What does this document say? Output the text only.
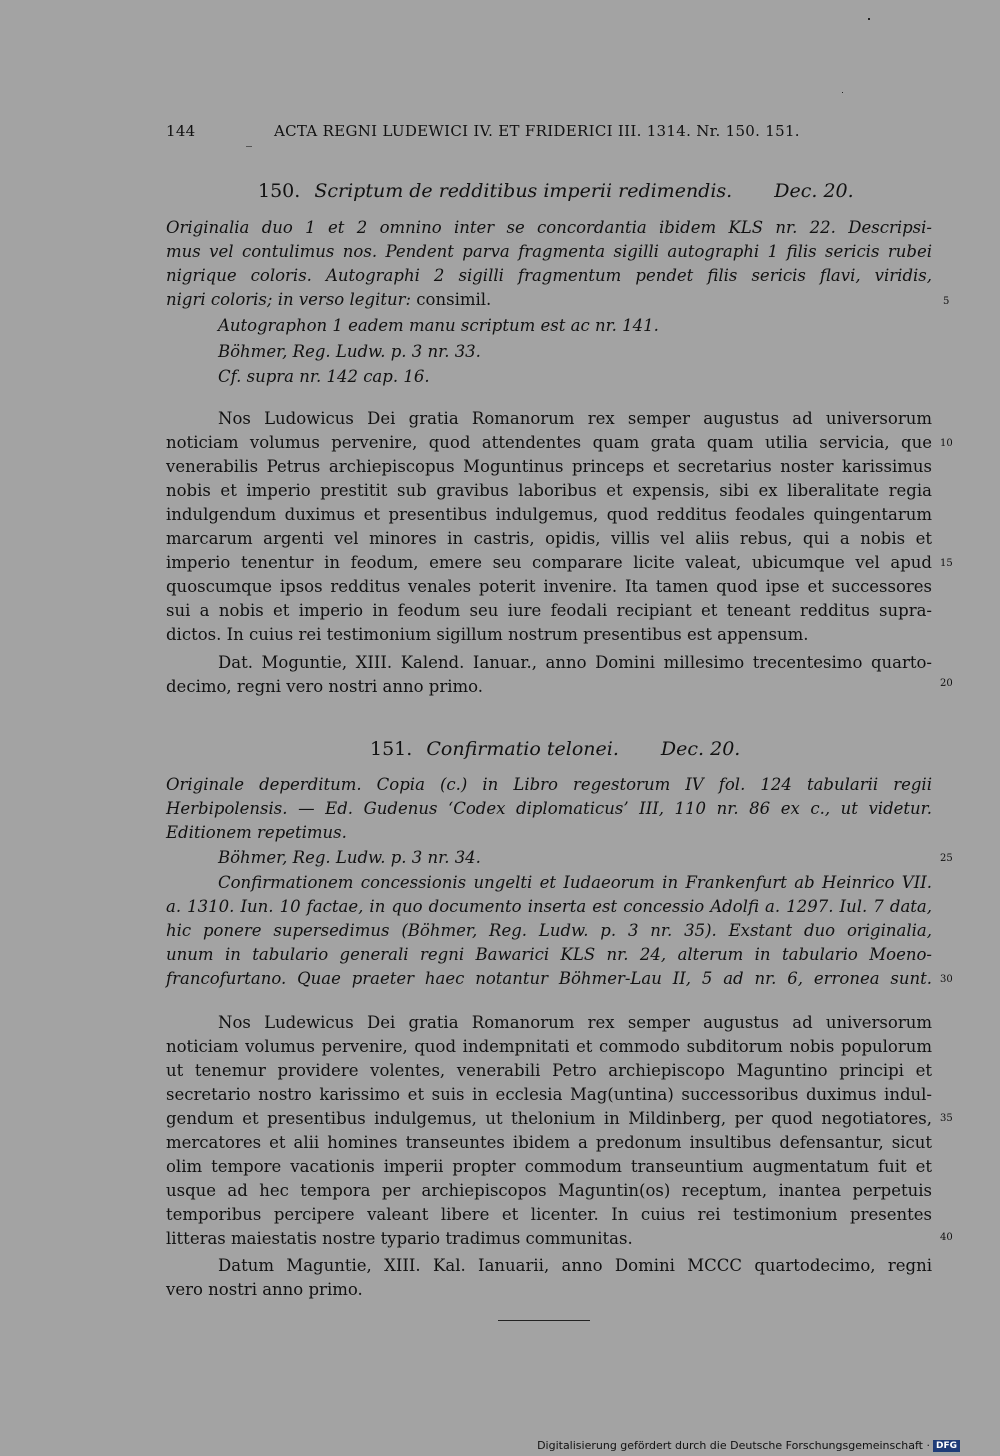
144	ACTA REGNI LUDEWICI IV. ET FRIDERICI III. 1314. Nr. 150. 151.
150. Scriptum de redditibus imperii redimendis. Dec. 20.
Originalia duo 1 et 2 omnino inter se concordantia ibidem KLS nr. 22. Descripsi-
mus vel contulimus nos. Pendent parva fragmenta sigilli autographi 1 filis sericis rubei
nigrique coloris. Autographi 2 sigilli fragmentum pendet filis sericis flavi, viridis,
nigri coloris; in verso legitur: consimil.
Autographon 1 eadem manu scriptum est ac nr. 141.
Böhmer, Reg. Ludw. p. 3 nr. 33.
Cf. supra nr. 142 cap. 16.
Nos Ludowicus Dei gratia Romanorum rex semper augustus ad universorum
noticiam volumus pervenire, quod attendentes quam grata quam utilia servicia, que
venerabilis Petrus archiepiscopus Moguntinus princeps et secretarius noster karissimus
nobis et imperio prestitit sub gravibus laboribus et expensis, sibi ex liberalitate regia
indulgendum duximus et presentibus indulgemus, quod redditus feodales quingentarum
marcarum argenti vel minores in castris, opidis, villis vel aliis rebus, qui a nobis et
imperio tenentur in feodum, emere seu comparare licite valeat, ubicumque vel apud
quoscumque ipsos redditus venales poterit invenire. Ita tamen quod ipse et successores
sui a nobis et imperio in feodum seu iure feodali recipiant et teneant redditus supra-
dictos. In cuius rei testimonium sigillum nostrum presentibus est appensum.
Dat. Moguntie, XIII. Kalend. Ianuar., anno Domini millesimo trecentesimo quarto-
decimo, regni vero nostri anno primo.
151. Confirmatio telonei. Dec. 20.
Originale deperditum. Copia (c.) in Libro regestorum IV fol. 124 tabularii regii
Herbipolensis. — Ed. Gudenus ‘Codex diplomaticus’ III, 110 nr. 86 ex c., ut videtur.
Editionem repetimus.
Böhmer, Reg. Ludw. p. 3 nr. 34.
Confirmationem concessionis ungelti et Iudaeorum in Frankenfurt ab Heinrico VII.
a. 1310. Iun. 10 factae, in quo documento inserta est concessio Adolfi a. 1297. Iul. 7 data,
hic ponere supersedimus (Böhmer, Reg. Ludw. p. 3 nr. 35). Exstant duo originalia,
unum in tabulario generali regni Bawarici KLS nr. 24, alterum in tabulario Moeno-
francofurtano. Quae praeter haec notantur Böhmer-Lau II, 5 ad nr. 6, erronea sunt.
Nos Ludewicus Dei gratia Romanorum rex semper augustus ad universorum
noticiam volumus pervenire, quod indempnitati et commodo subditorum nobis populorum
ut tenemur providere volentes, venerabili Petro archiepiscopo Maguntino principi et
secretario nostro karissimo et suis in ecclesia Mag(untina) successoribus duximus indul-
gendum et presentibus indulgemus, ut thelonium in Mildinberg, per quod negotiatores,
mercatores et alii homines transeuntes ibidem a predonum insultibus defensantur, sicut
olim tempore vacationis imperii propter commodum transeuntium augmentatum fuit et
usque ad hec tempora per archiepiscopos Maguntin(os) receptum, inantea perpetuis
temporibus percipere valeant libere et licenter. In cuius rei testimonium presentes
litteras maiestatis nostre typario tradimus communitas.
Datum Maguntie, XIII. Kal. Ianuarii, anno Domini MCCC quartodecimo, regni
vero nostri anno primo.
5
10
15
20
25
30
35
40
Digitalisierung gefördert durch die Deutsche Forschungsgemeinschaft · DFG
